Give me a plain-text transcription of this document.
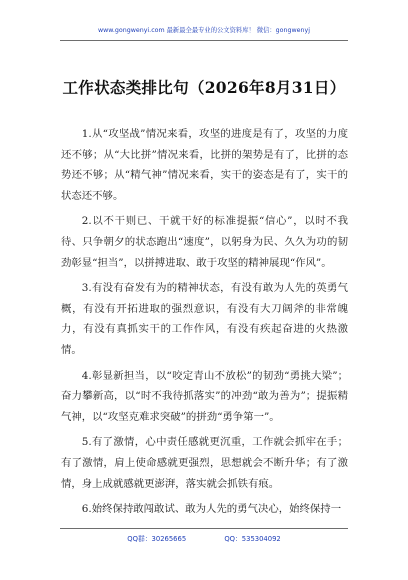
www.gongwenyi.com 最新最全最专业的公文资料库！ 微信：gongwenyj
工作状态类排比句（2026年8月31日）

1.从“攻坚战”情况来看，攻坚的进度是有了，攻坚的力度还不够；从“大比拼”情况来看，比拼的架势是有了，比拼的态势还不够；从“精气神”情况来看，实干的姿态是有了，实干的状态还不够。

2.以不干则已、干就干好的标准提振“信心”，以时不我待、只争朝夕的状态跑出“速度”，以躬身为民、久久为功的韧劲彰显“担当”，以拼搏进取、敢于攻坚的精神展现“作风”。

3.有没有奋发有为的精神状态，有没有敢为人先的英勇气概，有没有开拓进取的强烈意识，有没有大刀阔斧的非常魄力，有没有真抓实干的工作作风，有没有疾起奋进的火热激情。

4.彰显新担当，以“咬定青山不放松”的韧劲“勇挑大梁”；奋力攀新高，以“时不我待抓落实”的冲劲“敢为善为”；提振精气神，以“攻坚克难求突破”的拼劲“勇争第一”。

5.有了激情，心中责任感就更沉重，工作就会抓牢在手；有了激情，肩上使命感就更强烈，思想就会不断升华；有了激情，身上成就感就更澎湃，落实就会抓铁有痕。

6.始终保持敢闯敢试、敢为人先的勇气决心，始终保持一

QQ群：30265665	QQ：535304092
